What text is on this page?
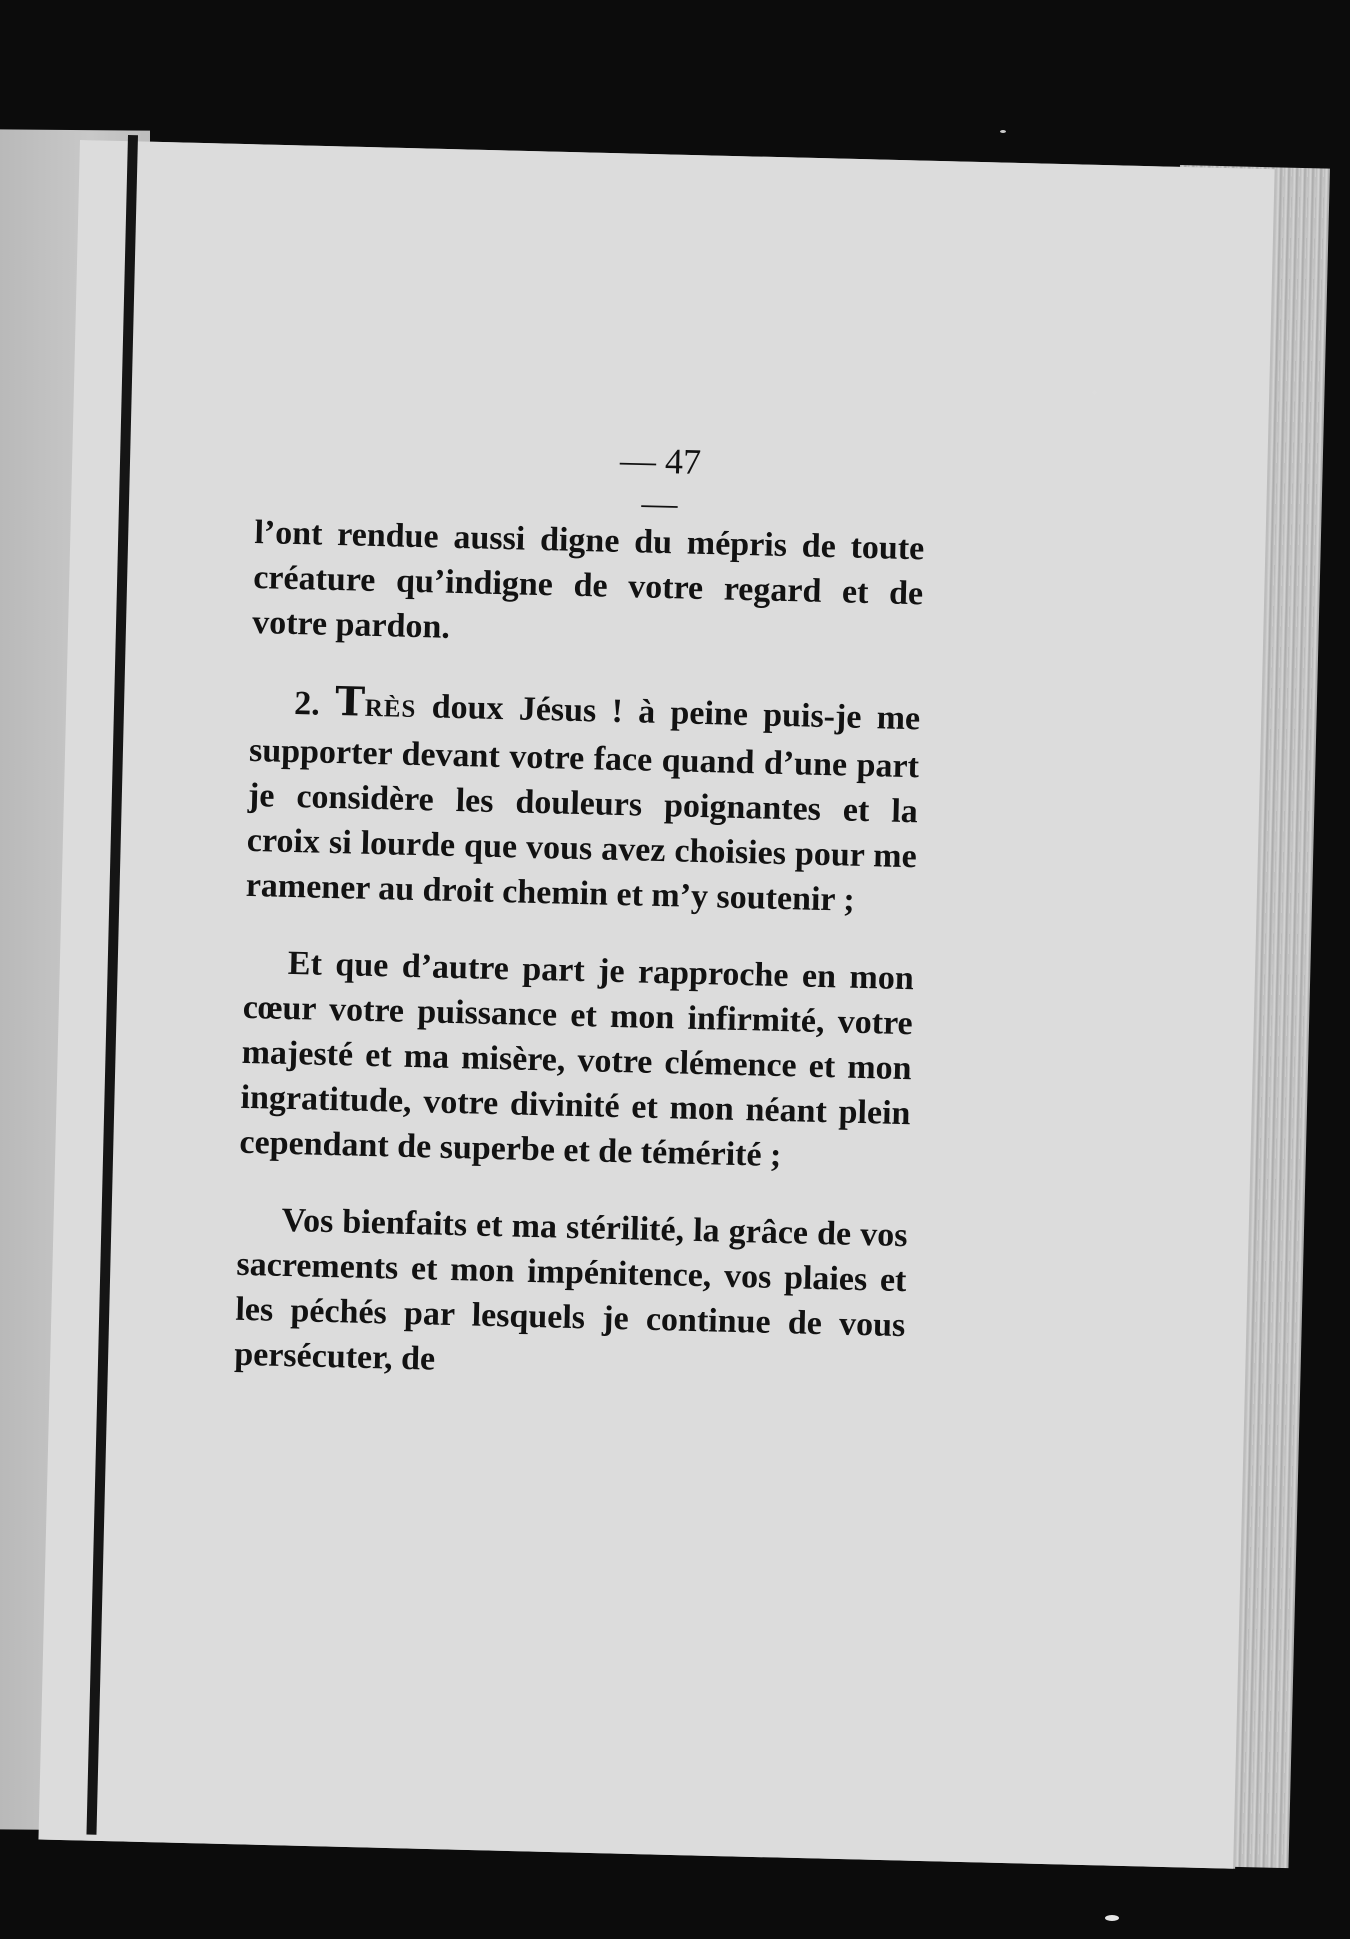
— 47 —

l’ont rendue aussi digne du mépris de toute créature qu’indigne de votre regard et de votre pardon.

2. TRÈS doux Jésus ! à peine puis-je me supporter devant votre face quand d’une part je considère les douleurs poignantes et la croix si lourde que vous avez choisies pour me ramener au droit chemin et m’y soutenir ;

Et que d’autre part je rapproche en mon cœur votre puissance et mon infirmité, votre majesté et ma misère, votre clémence et mon ingratitude, votre divinité et mon néant plein cependant de superbe et de témérité ;

Vos bienfaits et ma stérilité, la grâce de vos sacrements et mon impénitence, vos plaies et les péchés par lesquels je continue de vous persécuter, de
